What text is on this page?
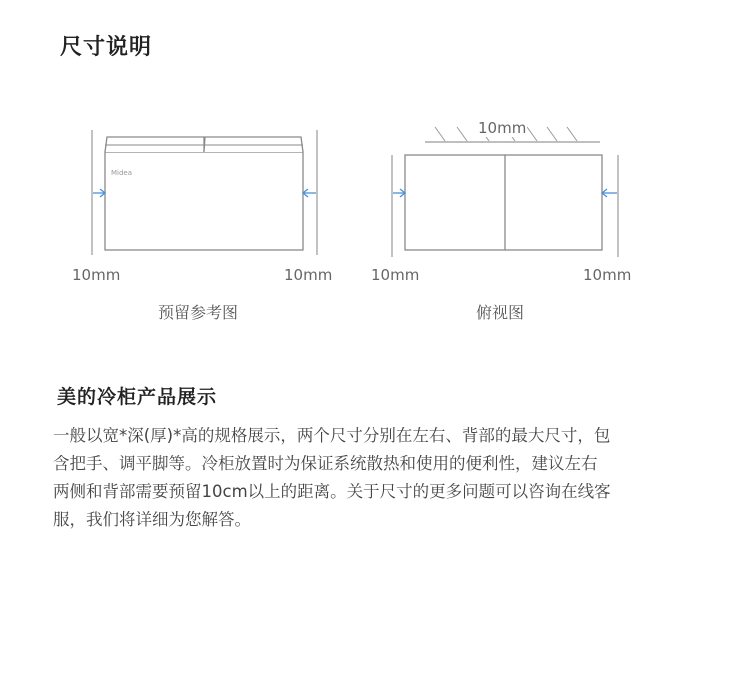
尺寸说明
Midea
10mm	10mm
预留参考图
10mm
10mm	10mm
俯视图
美的冷柜产品展示
一般以宽*深(厚)*高的规格展示，两个尺寸分别在左右、背部的最大尺寸，包
含把手、调平脚等。冷柜放置时为保证系统散热和使用的便利性，建议左右
两侧和背部需要预留10cm以上的距离。关于尺寸的更多问题可以咨询在线客
服，我们将详细为您解答。
